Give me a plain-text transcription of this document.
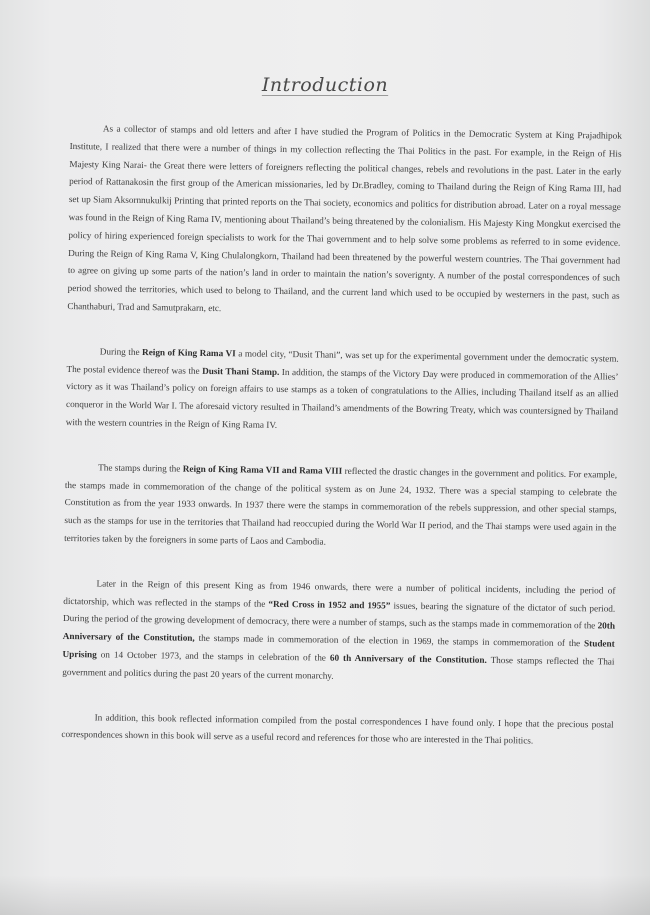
Introduction

As a collector of stamps and old letters and after I have studied the Program of Politics in the Democratic System at King Prajadhipok Institute, I realized that there were a number of things in my collection reflecting the Thai Politics in the past. For example, in the Reign of His Majesty King Narai- the Great there were letters of foreigners reflecting the political changes, rebels and revolutions in the past. Later in the early period of Rattanakosin the first group of the American missionaries, led by Dr.Bradley, coming to Thailand during the Reign of King Rama III, had set up Siam Aksornnukulkij Printing that printed reports on the Thai society, economics and politics for distribution abroad. Later on a royal message was found in the Reign of King Rama IV, mentioning about Thailand’s being threatened by the colonialism. His Majesty King Mongkut exercised the policy of hiring experienced foreign specialists to work for the Thai government and to help solve some problems as referred to in some evidence. During the Reign of King Rama V, King Chulalongkorn, Thailand had been threatened by the powerful western countries. The Thai government had to agree on giving up some parts of the nation’s land in order to maintain the nation’s soverignty. A number of the postal correspondences of such period showed the territories, which used to belong to Thailand, and the current land which used to be occupied by westerners in the past, such as Chanthaburi, Trad and Samutprakarn, etc.

During the Reign of King Rama VI a model city, “Dusit Thani”, was set up for the experimental government under the democratic system. The postal evidence thereof was the Dusit Thani Stamp. In addition, the stamps of the Victory Day were produced in commemoration of the Allies’ victory as it was Thailand’s policy on foreign affairs to use stamps as a token of congratulations to the Allies, including Thailand itself as an allied conqueror in the World War I. The aforesaid victory resulted in Thailand’s amendments of the Bowring Treaty, which was countersigned by Thailand with the western countries in the Reign of King Rama IV.

The stamps during the Reign of King Rama VII and Rama VIII reflected the drastic changes in the government and politics. For example, the stamps made in commemoration of the change of the political system as on June 24, 1932. There was a special stamping to celebrate the Constitution as from the year 1933 onwards. In 1937 there were the stamps in commemoration of the rebels suppression, and other special stamps, such as the stamps for use in the territories that Thailand had reoccupied during the World War II period, and the Thai stamps were used again in the territories taken by the foreigners in some parts of Laos and Cambodia.

Later in the Reign of this present King as from 1946 onwards, there were a number of political incidents, including the period of dictatorship, which was reflected in the stamps of the “Red Cross in 1952 and 1955” issues, bearing the signature of the dictator of such period. During the period of the growing development of democracy, there were a number of stamps, such as the stamps made in commemoration of the 20th Anniversary of the Constitution, the stamps made in commemoration of the election in 1969, the stamps in commemoration of the Student Uprising on 14 October 1973, and the stamps in celebration of the 60 th Anniversary of the Constitution. Those stamps reflected the Thai government and politics during the past 20 years of the current monarchy.

In addition, this book reflected information compiled from the postal correspondences I have found only. I hope that the precious postal correspondences shown in this book will serve as a useful record and references for those who are interested in the Thai politics.
